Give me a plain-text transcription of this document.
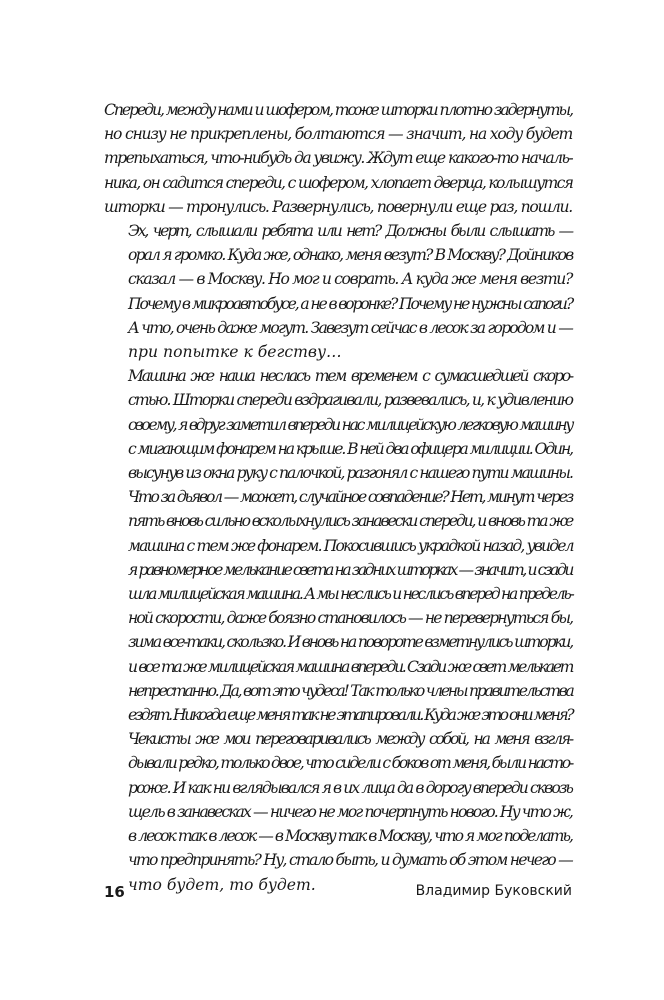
Спереди, между нами и шофером, тоже шторки плотно задернуты,
но снизу не прикреплены, болтаются — значит, на ходу будет
трепыхаться, что-нибудь да увижу. Ждут еще какого-то началь-
ника, он садится спереди, с шофером, хлопает дверца, колышутся
шторки — тронулись. Развернулись, повернули еще раз, пошли.

Эх, черт, слышали ребята или нет? Должны были слышать —
орал я громко. Куда же, однако, меня везут? В Москву? Дойников
сказал — в Москву. Но мог и соврать. А куда же меня везти?
Почему в микроавтобусе, а не в воронке? Почему не нужны сапоги?
А что, очень даже могут. Завезут сейчас в лесок за городом и —
при попытке к бегству…

Машина же наша неслась тем временем с сумасшедшей скоро-
стью. Шторки спереди вздрагивали, развевались, и, к удивлению
своему, я вдруг заметил впереди нас милицейскую легковую машину
с мигающим фонарем на крыше. В ней два офицера милиции. Один,
высунув из окна руку с палочкой, разгонял с нашего пути машины.
Что за дьявол — может, случайное совпадение? Нет, минут через
пять вновь сильно всколыхнулись занавески спереди, и вновь та же
машина с тем же фонарем. Покосившись украдкой назад, увидел
я равномерное мелькание света на задних шторках — значит, и сзади
шла милицейская машина. А мы неслись и неслись вперед на предель-
ной скорости, даже боязно становилось — не перевернуться бы,
зима все-таки, скользко. И вновь на повороте взметнулись шторки,
и все та же милицейская машина впереди. Сзади же свет мелькает
непрестанно. Да, вот это чудеса! Так только члены правительства
ездят. Никогда еще меня так не этапировали. Куда же это они меня?

Чекисты же мои переговаривались между собой, на меня взгля-
дывали редко, только двое, что сидели с боков от меня, были насто-
роже. И как ни вглядывался я в их лица да в дорогу впереди сквозь
щель в занавесках — ничего не мог почерпнуть нового. Ну что ж,
в лесок так в лесок — в Москву так в Москву, что я мог поделать,
что предпринять? Ну, стало быть, и думать об этом нечего —
что будет, то будет.

16	Владимир Буковский
